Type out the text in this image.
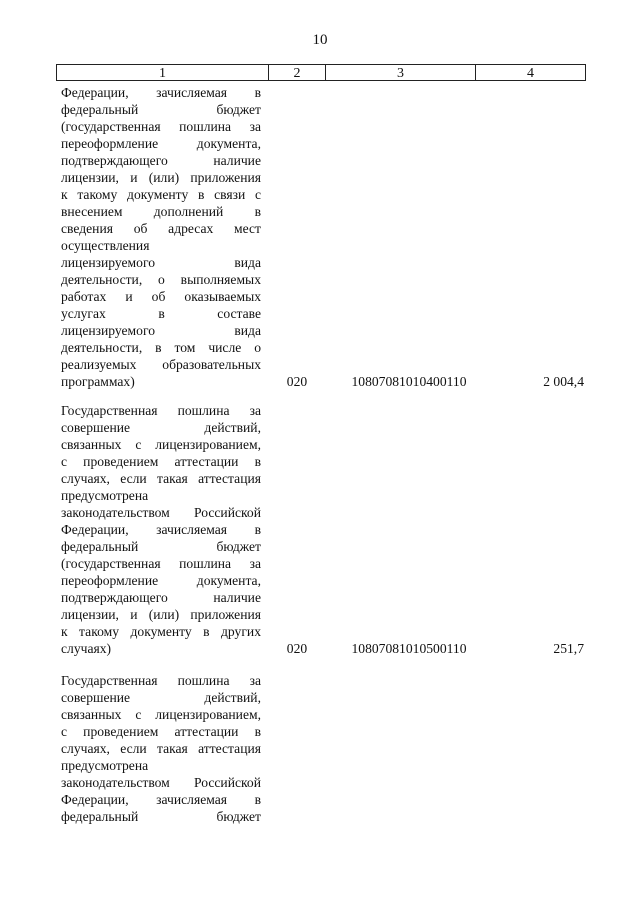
10
1	2	3	4
Федерации, зачисляемая в
федеральный бюджет
(государственная пошлина за
переоформление документа,
подтверждающего наличие
лицензии, и (или) приложения
к такому документу в связи с
внесением дополнений в
сведения об адресах мест
осуществления
лицензируемого вида
деятельности, о выполняемых
работах и об оказываемых
услугах в составе
лицензируемого вида
деятельности, в том числе о
реализуемых образовательных
программах)	020	10807081010400110	2 004,4
Государственная пошлина за
совершение действий,
связанных с лицензированием,
с проведением аттестации в
случаях, если такая аттестация
предусмотрена
законодательством Российской
Федерации, зачисляемая в
федеральный бюджет
(государственная пошлина за
переоформление документа,
подтверждающего наличие
лицензии, и (или) приложения
к такому документу в других
случаях)	020	10807081010500110	251,7
Государственная пошлина за
совершение действий,
связанных с лицензированием,
с проведением аттестации в
случаях, если такая аттестация
предусмотрена
законодательством Российской
Федерации, зачисляемая в
федеральный бюджет
